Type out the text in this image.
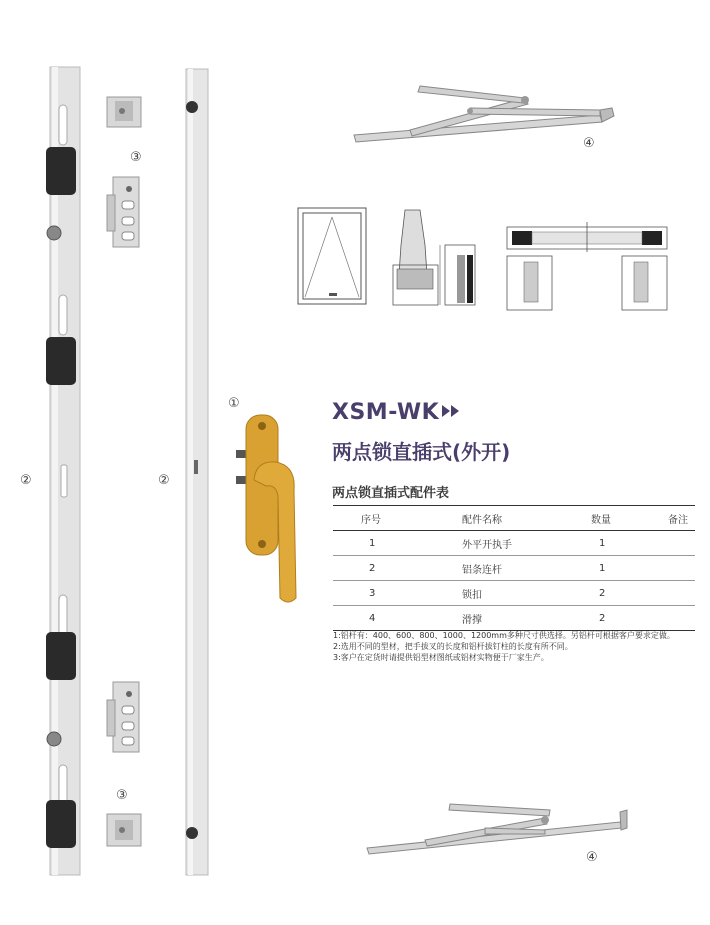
①
②	②
③
③
④
④
XSM-WK
两点锁直插式(外开)
两点锁直插式配件表
序号	配件名称	数量	备注
1	外平开执手	1	
2	铝条连杆	1	
3	锁扣	2	
4	滑撑	2	
1:铝杆有：400、600、800、1000、1200mm多种尺寸供选择。另铝杆可根据客户要求定做。
2:选用不同的型材，把手拔叉的长度和铝杆拔钉柱的长度有所不同。
3:客户在定货时请提供铝型材图纸或铝材实物便于厂家生产。
